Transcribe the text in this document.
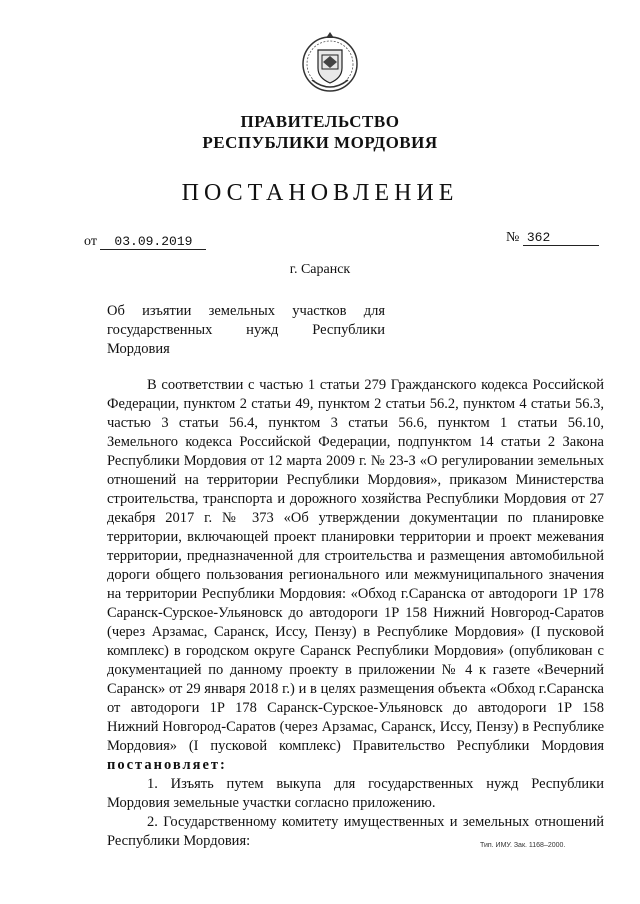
ПРАВИТЕЛЬСТВО
РЕСПУБЛИКИ МОРДОВИЯ
ПОСТАНОВЛЕНИЕ
от 03.09.2019	№ 362
г. Саранск
Об изъятии земельных участков для государственных нужд Республики Мордовия

В соответствии с частью 1 статьи 279 Гражданского кодекса Российской Федерации, пунктом 2 статьи 49, пунктом 2 статьи 56.2, пунктом 4 статьи 56.3, частью 3 статьи 56.4, пунктом 3 статьи 56.6, пунктом 1 статьи 56.10, Земельного кодекса Российской Федерации, подпунктом 14 статьи 2 Закона Республики Мордовия от 12 марта 2009 г. № 23-З «О регулировании земельных отношений на территории Республики Мордовия», приказом Министерства строительства, транспорта и дорожного хозяйства Республики Мордовия от 27 декабря 2017 г. № 373 «Об утверждении документации по планировке территории, включающей проект планировки территории и проект межевания территории, предназначенной для строительства и размещения автомобильной дороги общего пользования регионального или межмуниципального значения на территории Республики Мордовия: «Обход г.Саранска от автодороги 1Р 178 Саранск-Сурское-Ульяновск до автодороги 1Р 158 Нижний Новгород-Саратов (через Арзамас, Саранск, Иссу, Пензу) в Республике Мордовия» (I пусковой комплекс) в городском округе Саранск Республики Мордовия» (опубликован с документацией по данному проекту в приложении № 4 к газете «Вечерний Саранск» от 29 января 2018 г.) и в целях размещения объекта «Обход г.Саранска от автодороги 1Р 178 Саранск-Сурское-Ульяновск до автодороги 1Р 158 Нижний Новгород-Саратов (через Арзамас, Саранск, Иссу, Пензу) в Республике Мордовия» (I пусковой комплекс) Правительство Республики Мордовия постановляет:

1. Изъять путем выкупа для государственных нужд Республики Мордовия земельные участки согласно приложению.

2. Государственному комитету имущественных и земельных отношений Республики Мордовия:	Тип. ИМУ. Зак. 1168–2000.
